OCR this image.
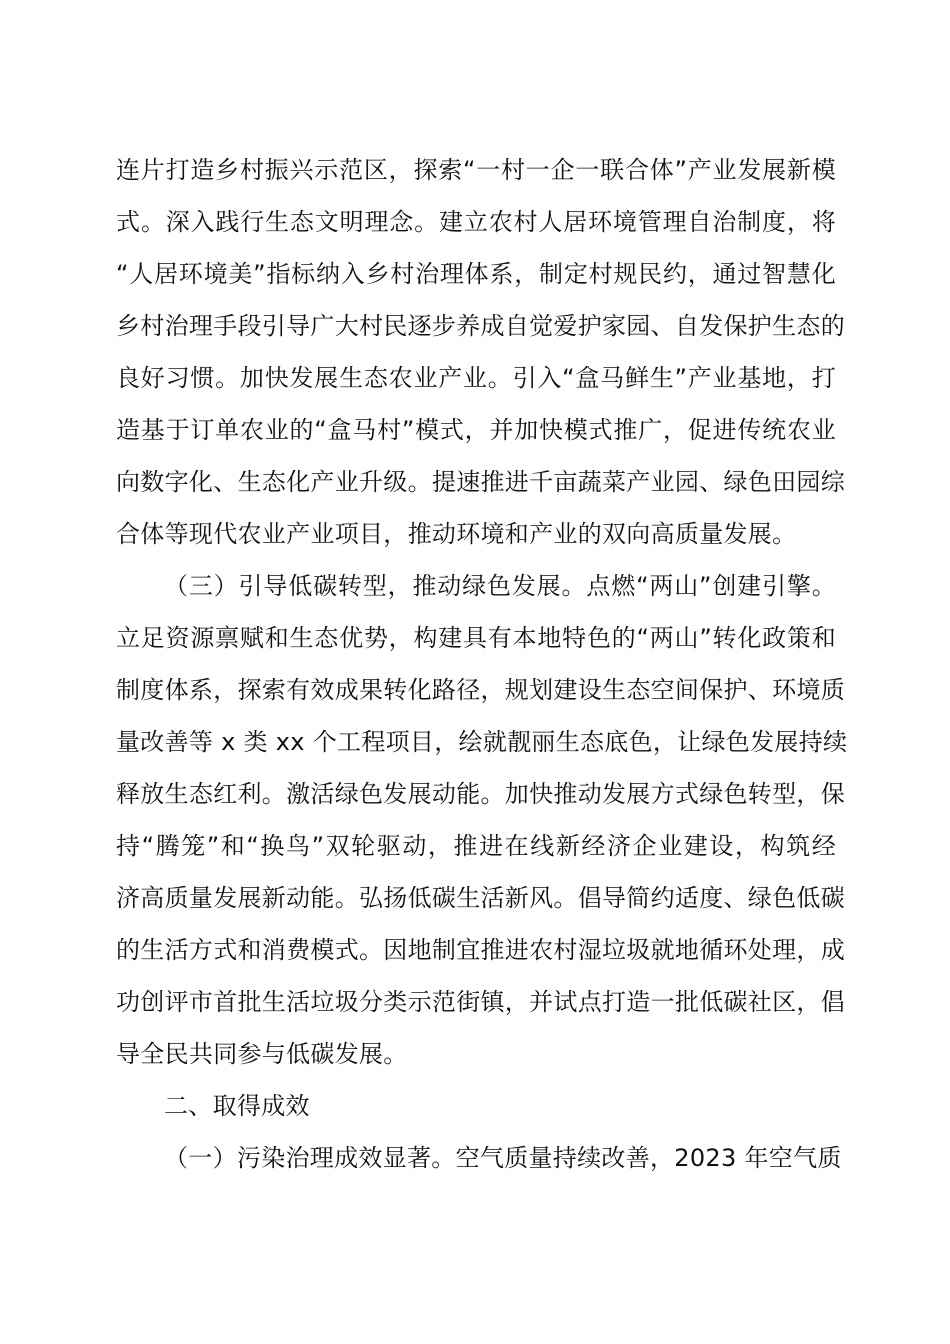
连片打造乡村振兴示范区，探索“一村一企一联合体”产业发展新模
式。深入践行生态文明理念。建立农村人居环境管理自治制度，将
“人居环境美”指标纳入乡村治理体系，制定村规民约，通过智慧化
乡村治理手段引导广大村民逐步养成自觉爱护家园、自发保护生态的
良好习惯。加快发展生态农业产业。引入“盒马鲜生”产业基地，打
造基于订单农业的“盒马村”模式，并加快模式推广，促进传统农业
向数字化、生态化产业升级。提速推进千亩蔬菜产业园、绿色田园综
合体等现代农业产业项目，推动环境和产业的双向高质量发展。
（三）引导低碳转型，推动绿色发展。点燃“两山”创建引擎。
立足资源禀赋和生态优势，构建具有本地特色的“两山”转化政策和
制度体系，探索有效成果转化路径，规划建设生态空间保护、环境质
量改善等 x 类 xx 个工程项目，绘就靓丽生态底色，让绿色发展持续
释放生态红利。激活绿色发展动能。加快推动发展方式绿色转型，保
持“腾笼”和“换鸟”双轮驱动，推进在线新经济企业建设，构筑经
济高质量发展新动能。弘扬低碳生活新风。倡导简约适度、绿色低碳
的生活方式和消费模式。因地制宜推进农村湿垃圾就地循环处理，成
功创评市首批生活垃圾分类示范街镇，并试点打造一批低碳社区，倡
导全民共同参与低碳发展。
二、取得成效
（一）污染治理成效显著。空气质量持续改善，2023 年空气质
